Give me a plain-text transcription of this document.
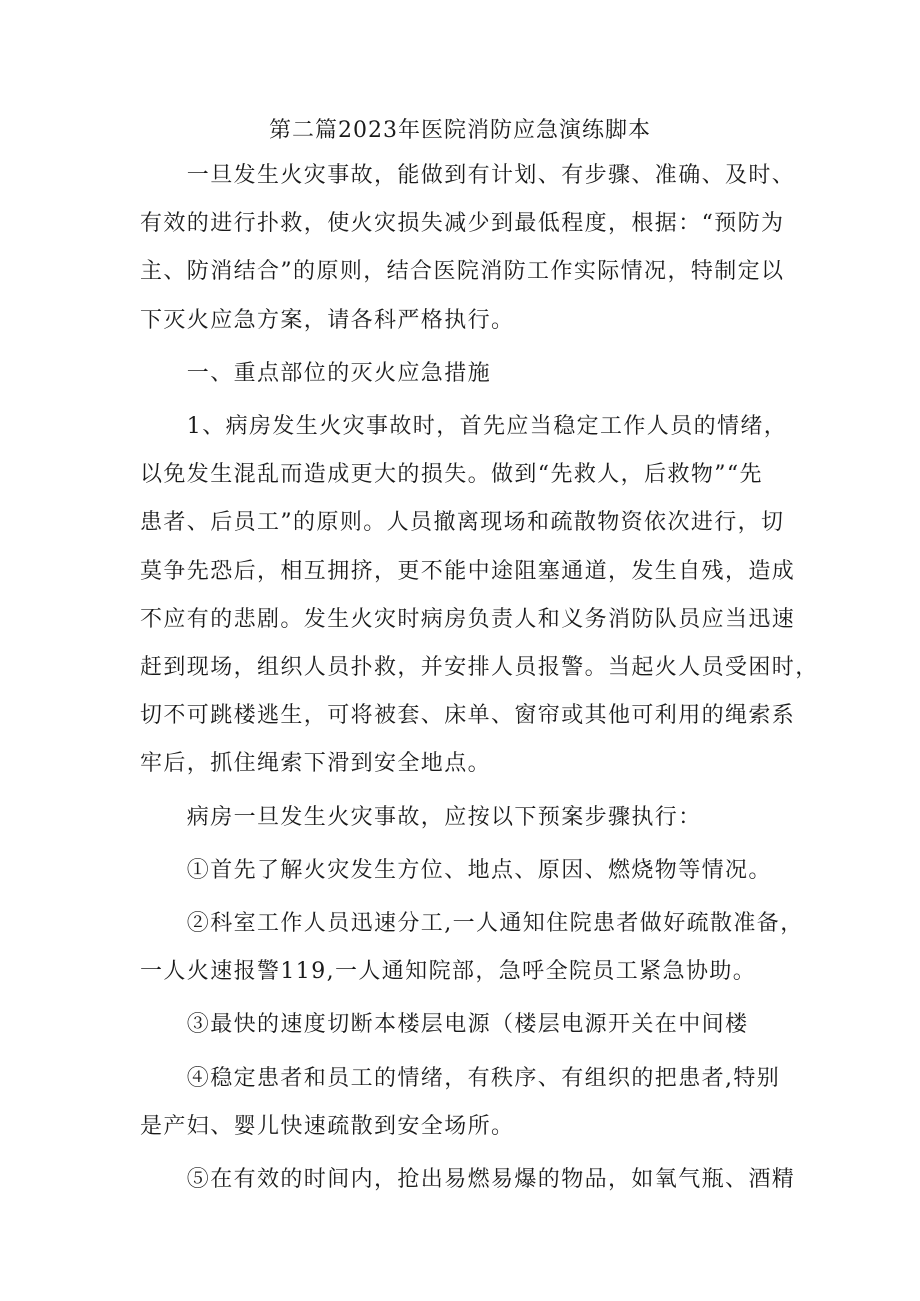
第二篇2023年医院消防应急演练脚本
　　一旦发生火灾事故，能做到有计划、有步骤、准确、及时、
有效的进行扑救，使火灾损失减少到最低程度，根据：“预防为
主、防消结合”的原则，结合医院消防工作实际情况，特制定以
下灭火应急方案，请各科严格执行。
　　一、重点部位的灭火应急措施
　　1、病房发生火灾事故时，首先应当稳定工作人员的情绪，
以免发生混乱而造成更大的损失。做到“先救人，后救物”“先
患者、后员工”的原则。人员撤离现场和疏散物资依次进行，切
莫争先恐后，相互拥挤，更不能中途阻塞通道，发生自残，造成
不应有的悲剧。发生火灾时病房负责人和义务消防队员应当迅速
赶到现场，组织人员扑救，并安排人员报警。当起火人员受困时，
切不可跳楼逃生，可将被套、床单、窗帘或其他可利用的绳索系
牢后，抓住绳索下滑到安全地点。
　　病房一旦发生火灾事故，应按以下预案步骤执行：
　　①首先了解火灾发生方位、地点、原因、燃烧物等情况。
　　②科室工作人员迅速分工,一人通知住院患者做好疏散准备，
一人火速报警119,一人通知院部，急呼全院员工紧急协助。
　　③最快的速度切断本楼层电源（楼层电源开关在中间楼
　　④稳定患者和员工的情绪，有秩序、有组织的把患者,特别
是产妇、婴儿快速疏散到安全场所。
　　⑤在有效的时间内，抢出易燃易爆的物品，如氧气瓶、酒精
